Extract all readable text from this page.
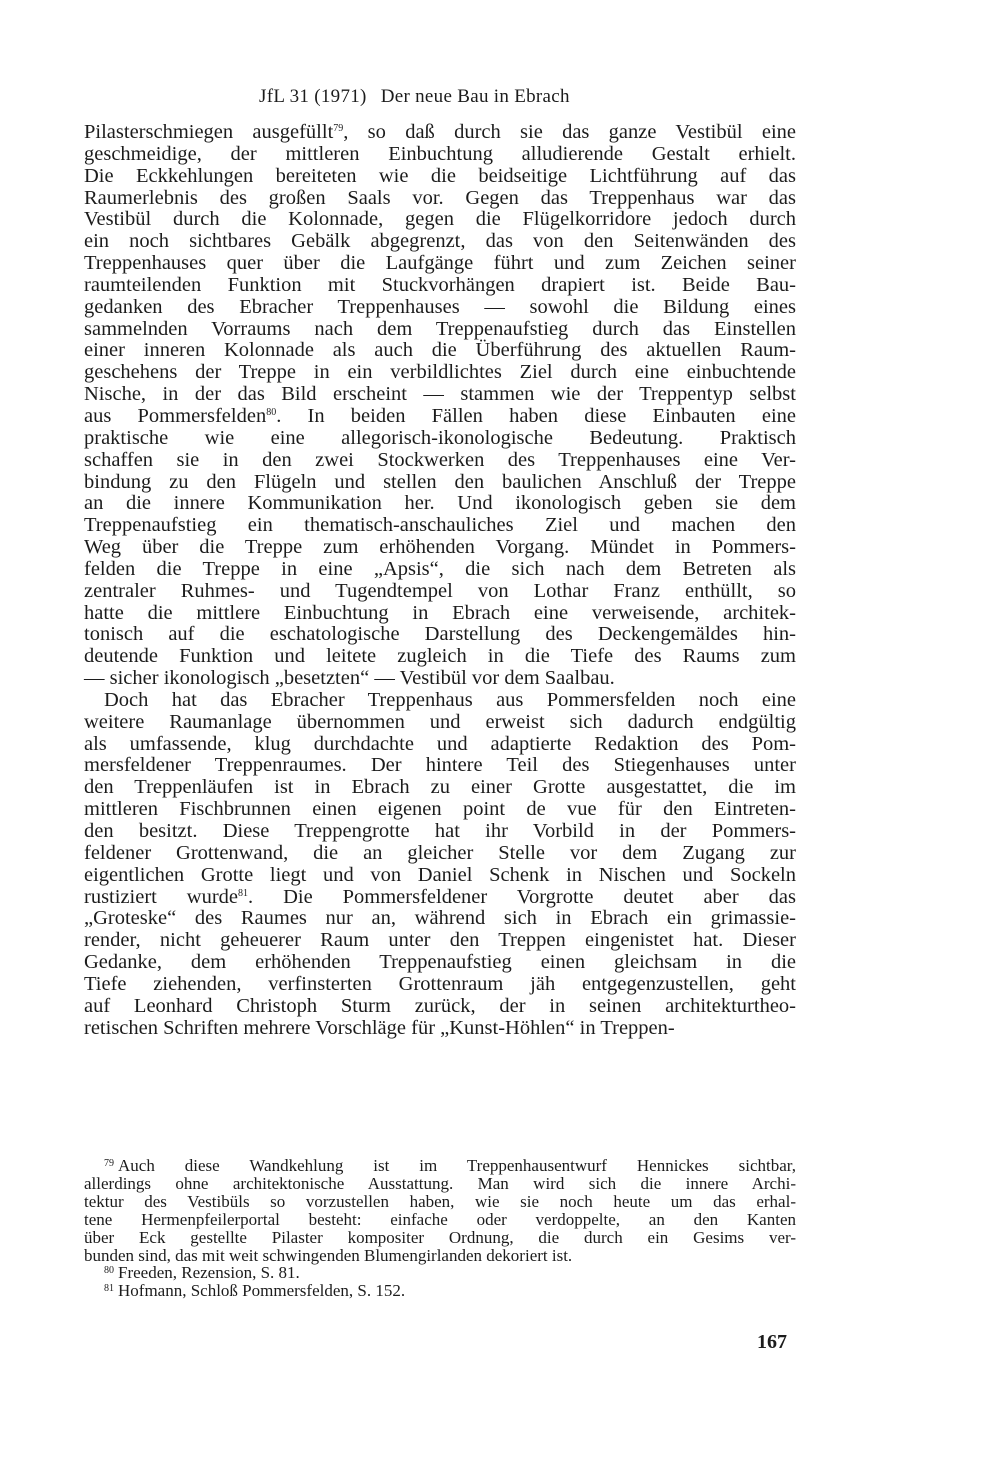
JfL 31 (1971) Der neue Bau in Ebrach

Pilasterschmiegen ausgefüllt$^{79}$, so daß durch sie das ganze Vestibül eine
geschmeidige, der mittleren Einbuchtung alludierende Gestalt erhielt.
Die Eckkehlungen bereiteten wie die beidseitige Lichtführung auf das
Raumerlebnis des großen Saals vor. Gegen das Treppenhaus war das
Vestibül durch die Kolonnade, gegen die Flügelkorridore jedoch durch
ein noch sichtbares Gebälk abgegrenzt, das von den Seitenwänden des
Treppenhauses quer über die Laufgänge führt und zum Zeichen seiner
raumteilenden Funktion mit Stuckvorhängen drapiert ist. Beide Bau-
gedanken des Ebracher Treppenhauses — sowohl die Bildung eines
sammelnden Vorraums nach dem Treppenaufstieg durch das Einstellen
einer inneren Kolonnade als auch die Überführung des aktuellen Raum-
geschehens der Treppe in ein verbildlichtes Ziel durch eine einbuchtende
Nische, in der das Bild erscheint — stammen wie der Treppentyp selbst
aus Pommersfelden$^{80}$. In beiden Fällen haben diese Einbauten eine
praktische wie eine allegorisch-ikonologische Bedeutung. Praktisch
schaffen sie in den zwei Stockwerken des Treppenhauses eine Ver-
bindung zu den Flügeln und stellen den baulichen Anschluß der Treppe
an die innere Kommunikation her. Und ikonologisch geben sie dem
Treppenaufstieg ein thematisch-anschauliches Ziel und machen den
Weg über die Treppe zum erhöhenden Vorgang. Mündet in Pommers-
felden die Treppe in eine „Apsis“, die sich nach dem Betreten als
zentraler Ruhmes- und Tugendtempel von Lothar Franz enthüllt, so
hatte die mittlere Einbuchtung in Ebrach eine verweisende, architek-
tonisch auf die eschatologische Darstellung des Deckengemäldes hin-
deutende Funktion und leitete zugleich in die Tiefe des Raums zum
— sicher ikonologisch „besetzten“ — Vestibül vor dem Saalbau.

Doch hat das Ebracher Treppenhaus aus Pommersfelden noch eine
weitere Raumanlage übernommen und erweist sich dadurch endgültig
als umfassende, klug durchdachte und adaptierte Redaktion des Pom-
mersfeldener Treppenraumes. Der hintere Teil des Stiegenhauses unter
den Treppenläufen ist in Ebrach zu einer Grotte ausgestattet, die im
mittleren Fischbrunnen einen eigenen point de vue für den Eintreten-
den besitzt. Diese Treppengrotte hat ihr Vorbild in der Pommers-
feldener Grottenwand, die an gleicher Stelle vor dem Zugang zur
eigentlichen Grotte liegt und von Daniel Schenk in Nischen und Sockeln
rustiziert wurde$^{81}$. Die Pommersfeldener Vorgrotte deutet aber das
„Groteske“ des Raumes nur an, während sich in Ebrach ein grimassie-
render, nicht geheuerer Raum unter den Treppen eingenistet hat. Dieser
Gedanke, dem erhöhenden Treppenaufstieg einen gleichsam in die
Tiefe ziehenden, verfinsterten Grottenraum jäh entgegenzustellen, geht
auf Leonhard Christoph Sturm zurück, der in seinen architekturtheo-
retischen Schriften mehrere Vorschläge für „Kunst-Höhlen“ in Treppen-

$^{79}$ Auch diese Wandkehlung ist im Treppenhausentwurf Hennickes sichtbar,
allerdings ohne architektonische Ausstattung. Man wird sich die innere Archi-
tektur des Vestibüls so vorzustellen haben, wie sie noch heute um das erhal-
tene Hermenpfeilerportal besteht: einfache oder verdoppelte, an den Kanten
über Eck gestellte Pilaster kompositer Ordnung, die durch ein Gesims ver-
bunden sind, das mit weit schwingenden Blumengirlanden dekoriert ist.
$^{80}$ Freeden, Rezension, S. 81.
$^{81}$ Hofmann, Schloß Pommersfelden, S. 152.
167
